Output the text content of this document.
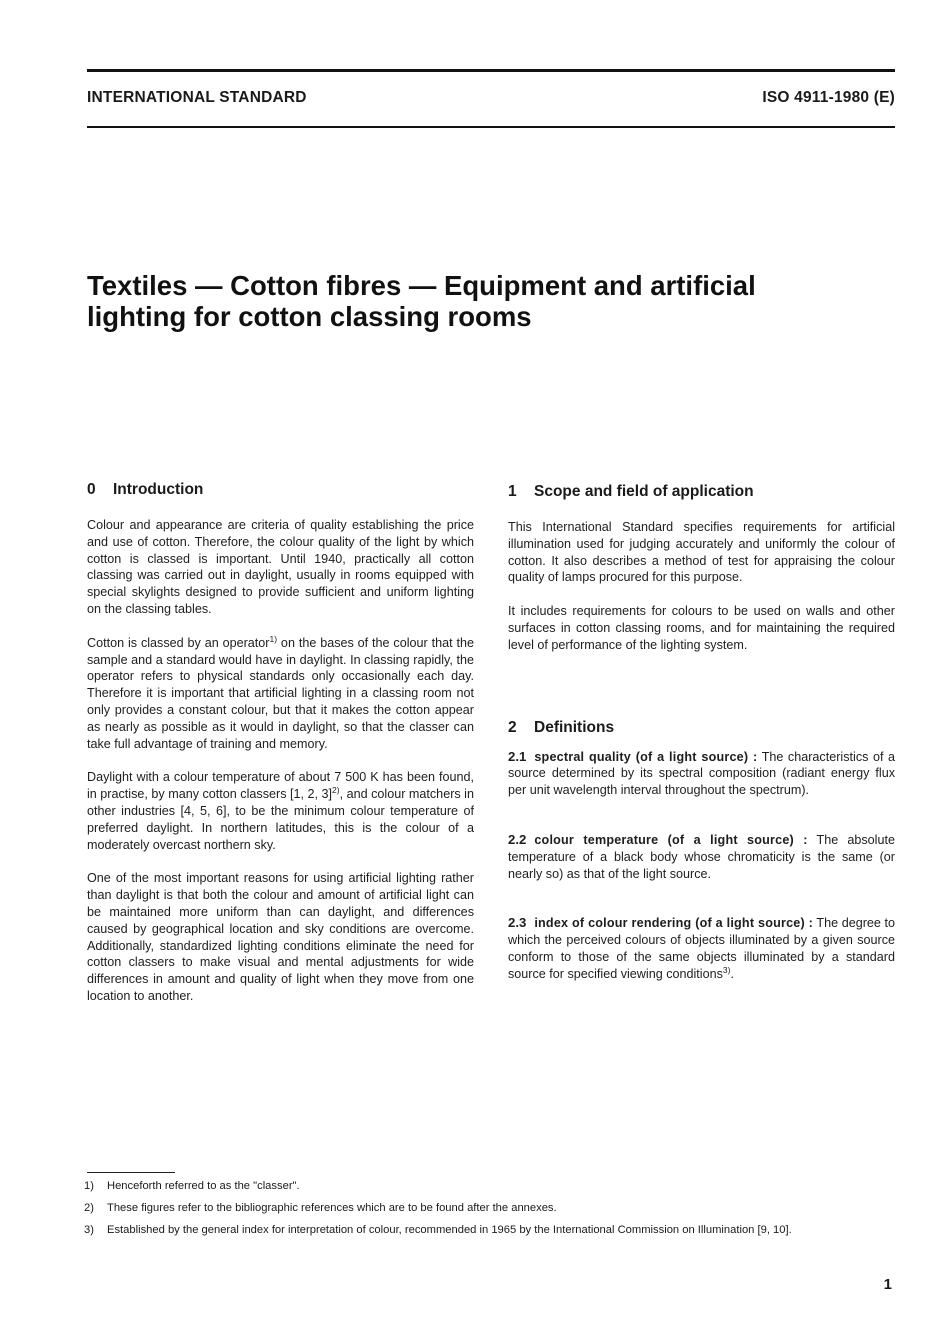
INTERNATIONAL STANDARD	ISO 4911-1980 (E)
Textiles — Cotton fibres — Equipment and artificial
lighting for cotton classing rooms
0 Introduction

Colour and appearance are criteria of quality establishing the price and use of cotton. Therefore, the colour quality of the light by which cotton is classed is important. Until 1940, practically all cotton classing was carried out in daylight, usually in rooms equipped with special skylights designed to provide sufficient and uniform lighting on the classing tables.

Cotton is classed by an operator$^{1)}$ on the bases of the colour that the sample and a standard would have in daylight. In classing rapidly, the operator refers to physical standards only occasionally each day. Therefore it is important that artificial lighting in a classing room not only provides a constant colour, but that it makes the cotton appear as nearly as possible as it would in daylight, so that the classer can take full advantage of training and memory.

Daylight with a colour temperature of about 7 500 K has been found, in practise, by many cotton classers [1, 2, 3]$^{2)}$, and colour matchers in other industries [4, 5, 6], to be the minimum colour temperature of preferred daylight. In northern latitudes, this is the colour of a moderately overcast northern sky.

One of the most important reasons for using artificial lighting rather than daylight is that both the colour and amount of artificial light can be maintained more uniform than can daylight, and differences caused by geographical location and sky conditions are overcome. Additionally, standardized lighting conditions eliminate the need for cotton classers to make visual and mental adjustments for wide differences in amount and quality of light when they move from one location to another.

1 Scope and field of application

This International Standard specifies requirements for artificial illumination used for judging accurately and uniformly the colour of cotton. It also describes a method of test for appraising the colour quality of lamps procured for this purpose.

It includes requirements for colours to be used on walls and other surfaces in cotton classing rooms, and for maintaining the required level of performance of the lighting system.

2 Definitions
2.1 spectral quality (of a light source) : The characteristics of a source determined by its spectral composition (radiant energy flux per unit wavelength interval throughout the spectrum).
2.2 colour temperature (of a light source) : The absolute temperature of a black body whose chromaticity is the same (or nearly so) as that of the light source.
2.3 index of colour rendering (of a light source) : The degree to which the perceived colours of objects illuminated by a given source conform to those of the same objects illuminated by a standard source for specified viewing conditions$^{3)}$.
1)	Henceforth referred to as the "classer".
2)	These figures refer to the bibliographic references which are to be found after the annexes.
3)	Established by the general index for interpretation of colour, recommended in 1965 by the International Commission on Illumination [9, 10].
1
